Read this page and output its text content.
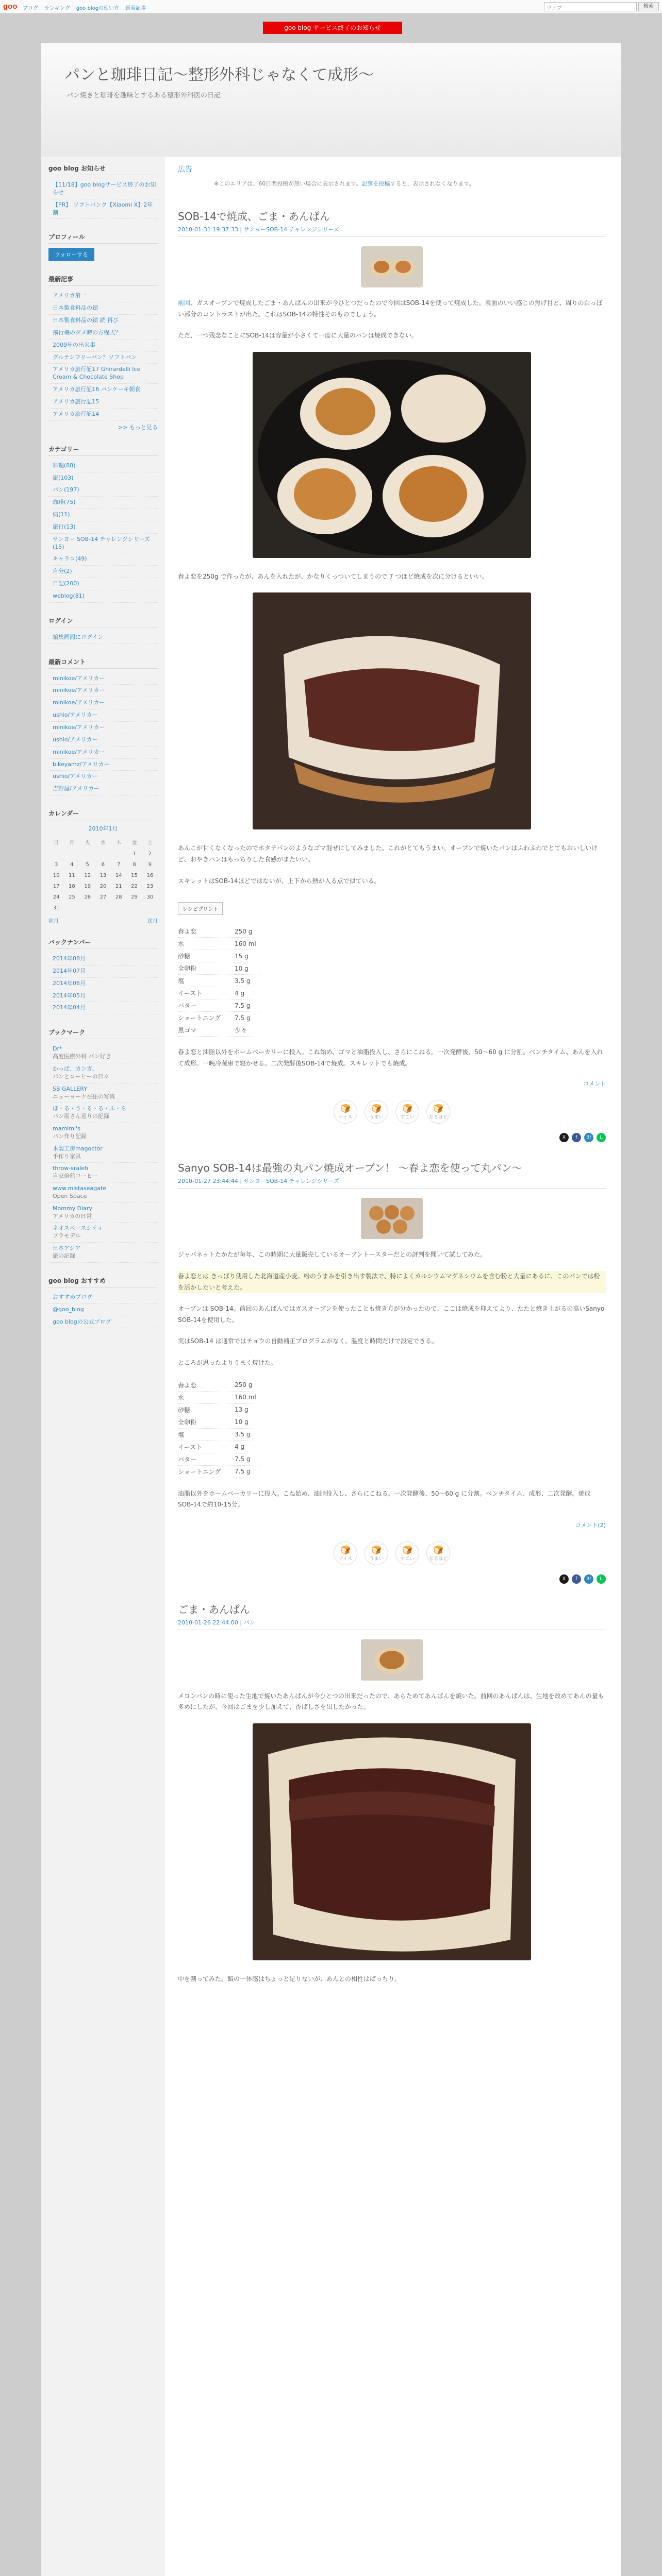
goo ブログ ランキング goo blogの使い方 新着記事	ウェブ	検索
goo blog サービス終了のお知らせ
パンと珈琲日記〜整形外科じゃなくて成形〜
パン焼きと珈琲を趣味とするある整形外科医の日記
goo blog お知らせ
【11/18】goo blogサービス終了のお知らせ
【PR】 ソフトバンク【Xiaomi X】2年割
プロフィール
フォローする
最新記事
アメリカ第一
日本製食料品の鎖
日本製食料品の鎖 続 再び
飛行機のダメ時の方程式？
2009年の出来事
グルテンフリーパン？ソフトパン
アメリカ旅行記17 Ghirardelli Ice Cream & Chocolate Shop
アメリカ旅行記16 パンケーキ朝食
アメリカ旅行記15
アメリカ旅行記14
>> もっと見る
カテゴリー
料理(88)
旅(103)
パン(197)
珈琲(75)
病(11)
旅行(13)
サンヨー SOB-14 チャレンジシリーズ(15)
キャラコ(49)
自分(2)
日記(200)
weblog(81)
ログイン
編集画面にログイン
最新コメント
minikoe/アメリカー
minikoe/アメリカー
minikoe/アメリカー
ushio/アメリカー
minikoe/アメリカー
ushio/アメリカー
minikoe/アメリカー
bikeyamz/アメリカー
ushio/アメリカー
吉野屋/アメリカー
カレンダー
2010年1月
日	月	火	水	木	金	土
					1	2
3	4	5	6	7	8	9
10	11	12	13	14	15	16
17	18	19	20	21	22	23
24	25	26	27	28	29	30
31						
前月	次月
バックナンバー
2014年08月
2014年07月
2014年06月
2014年05月
2014年04月
ブックマーク
Dr*
高度医療外科 パン好き
かっぱ、カンガ、
パンとコーヒーの日々
SB GALLERY
ニューヨーク在住の写真
ほ・る・う・る・る・ふ・ら
パン屋さん巡りの記録
mamimi's
パン作り記録
木製工房magoctor
手作り家具
throw-sraleh
自家焙煎コーヒー
www.mistaseagate
Open Space
Mommy Diary
アメリカの日常
ネオスペースシティ
プラモデル
日本アジア
旅の記録
goo blog おすすめ
おすすめブログ
@goo_blog
goo blogの公式ブログ
広告
※このエリアは、60日間投稿が無い場合に表示されます。記事を投稿すると、表示されなくなります。
SOB-14で焼成、ごま・あんぱん
2010-01-31 19:37:33 | サンヨーSOB-14 チャレンジシリーズ

前回、ガスオーブンで焼成したごま・あんぱんの出来が今ひとつだったので今回はSOB-14を使って焼成した。表面のいい感じの焦げ目と、周りの白っぽい部分のコントラストが出た。これはSOB-14の特性そのものでしょう。

ただ、一つ残念なことにSOB-14は容量が小さくて一度に大量のパンは焼成できない。

春よ恋を250g で作ったが、あんを入れたが、かなりくっついてしまうので 7 つほど焼成を次に分けるといい。

あんこが甘くなくなったのでホタテパンのようなゴマ混ぜにしてみました。これがとてもうまい。オーブンで焼いたパンはふわふわでとてもおいしいけど、おやきパンはもっちりした食感がまたいい。

スキレットはSOB-14ほどではないが、上下から熱が入る点で似ている。

レシピプリント
春よ恋	250 g
水	160 ml
砂糖	15 g
全卵粉	10 g
塩	3.5 g
イースト	4 g
バター	7.5 g
ショートニング	7.5 g
黒ゴマ	少々

春よ恋と油脂以外をホームベーカリーに投入。こね始め、ゴマと油脂投入し、さらにこねる。一次発酵後、50〜60 g に分割。ベンチタイム、あんを入れて成形。一晩冷蔵庫で寝かせる。二次発酵後SOB-14で焼成。スキレットでも焼成。

コメント
🍞
ナイス
🍞
うまい
🍞
すごい
🍞
なるほど
X	f	B!	L
Sanyo SOB-14は最強の丸パン焼成オーブン！ 〜春よ恋を使って丸パン〜
2010-01-27 23:44:44 | サンヨーSOB-14 チャレンジシリーズ

ジャパネットたかたが毎年、この時期に大量販売しているオーブントースターだとの評判を聞いて試してみた。

春よ恋とは きっぱり使用した北海道産小麦。粉のうまみを引き出す製法で、特によくカルシウムマグネシウムを含む粉と大量にあるに、このパンでは粉を活かしたいと考えた。

オーブンは SOB-14。前回のあんぱんではガスオーブンを使ったことも焼き方が分かったので、ここは焼成を抑えてより、たたと焼き上がるの高いSanyo SOB-14を使用した。

実はSOB-14 は通常ではチョウの自動補正プログラムがなく、温度と時間だけで設定できる。

ところが思ったよりうまく焼けた。

春よ恋	250 g
水	160 ml
砂糖	13 g
全卵粉	10 g
塩	3.5 g
イースト	4 g
バター	7.5 g
ショートニング	7.5 g

油脂以外をホームベーカリーに投入。こね始め、油脂投入し、さらにこねる。一次発酵後、50〜60 g に分割。ベンチタイム、成形、二次発酵。焼成SOB-14で約10-15分。

コメント(2)
🍞
ナイス
🍞
うまい
🍞
すごい
🍞
なるほど
X	f	B!	L
ごま・あんぱん
2010-01-26 22:44:00 | パン

メロンパンの時に使った生地で焼いたあんぱんが今ひとつの出来だったので、あらためてあんぱんを焼いた。前回のあんぱんは、生地を改めてあんの量も多めにしたが、今回はごまを少し加えて、香ばしさを出したかった。

中を割ってみた。餡の一体感はちょっと足りないが、あんとの相性はばっちり。
